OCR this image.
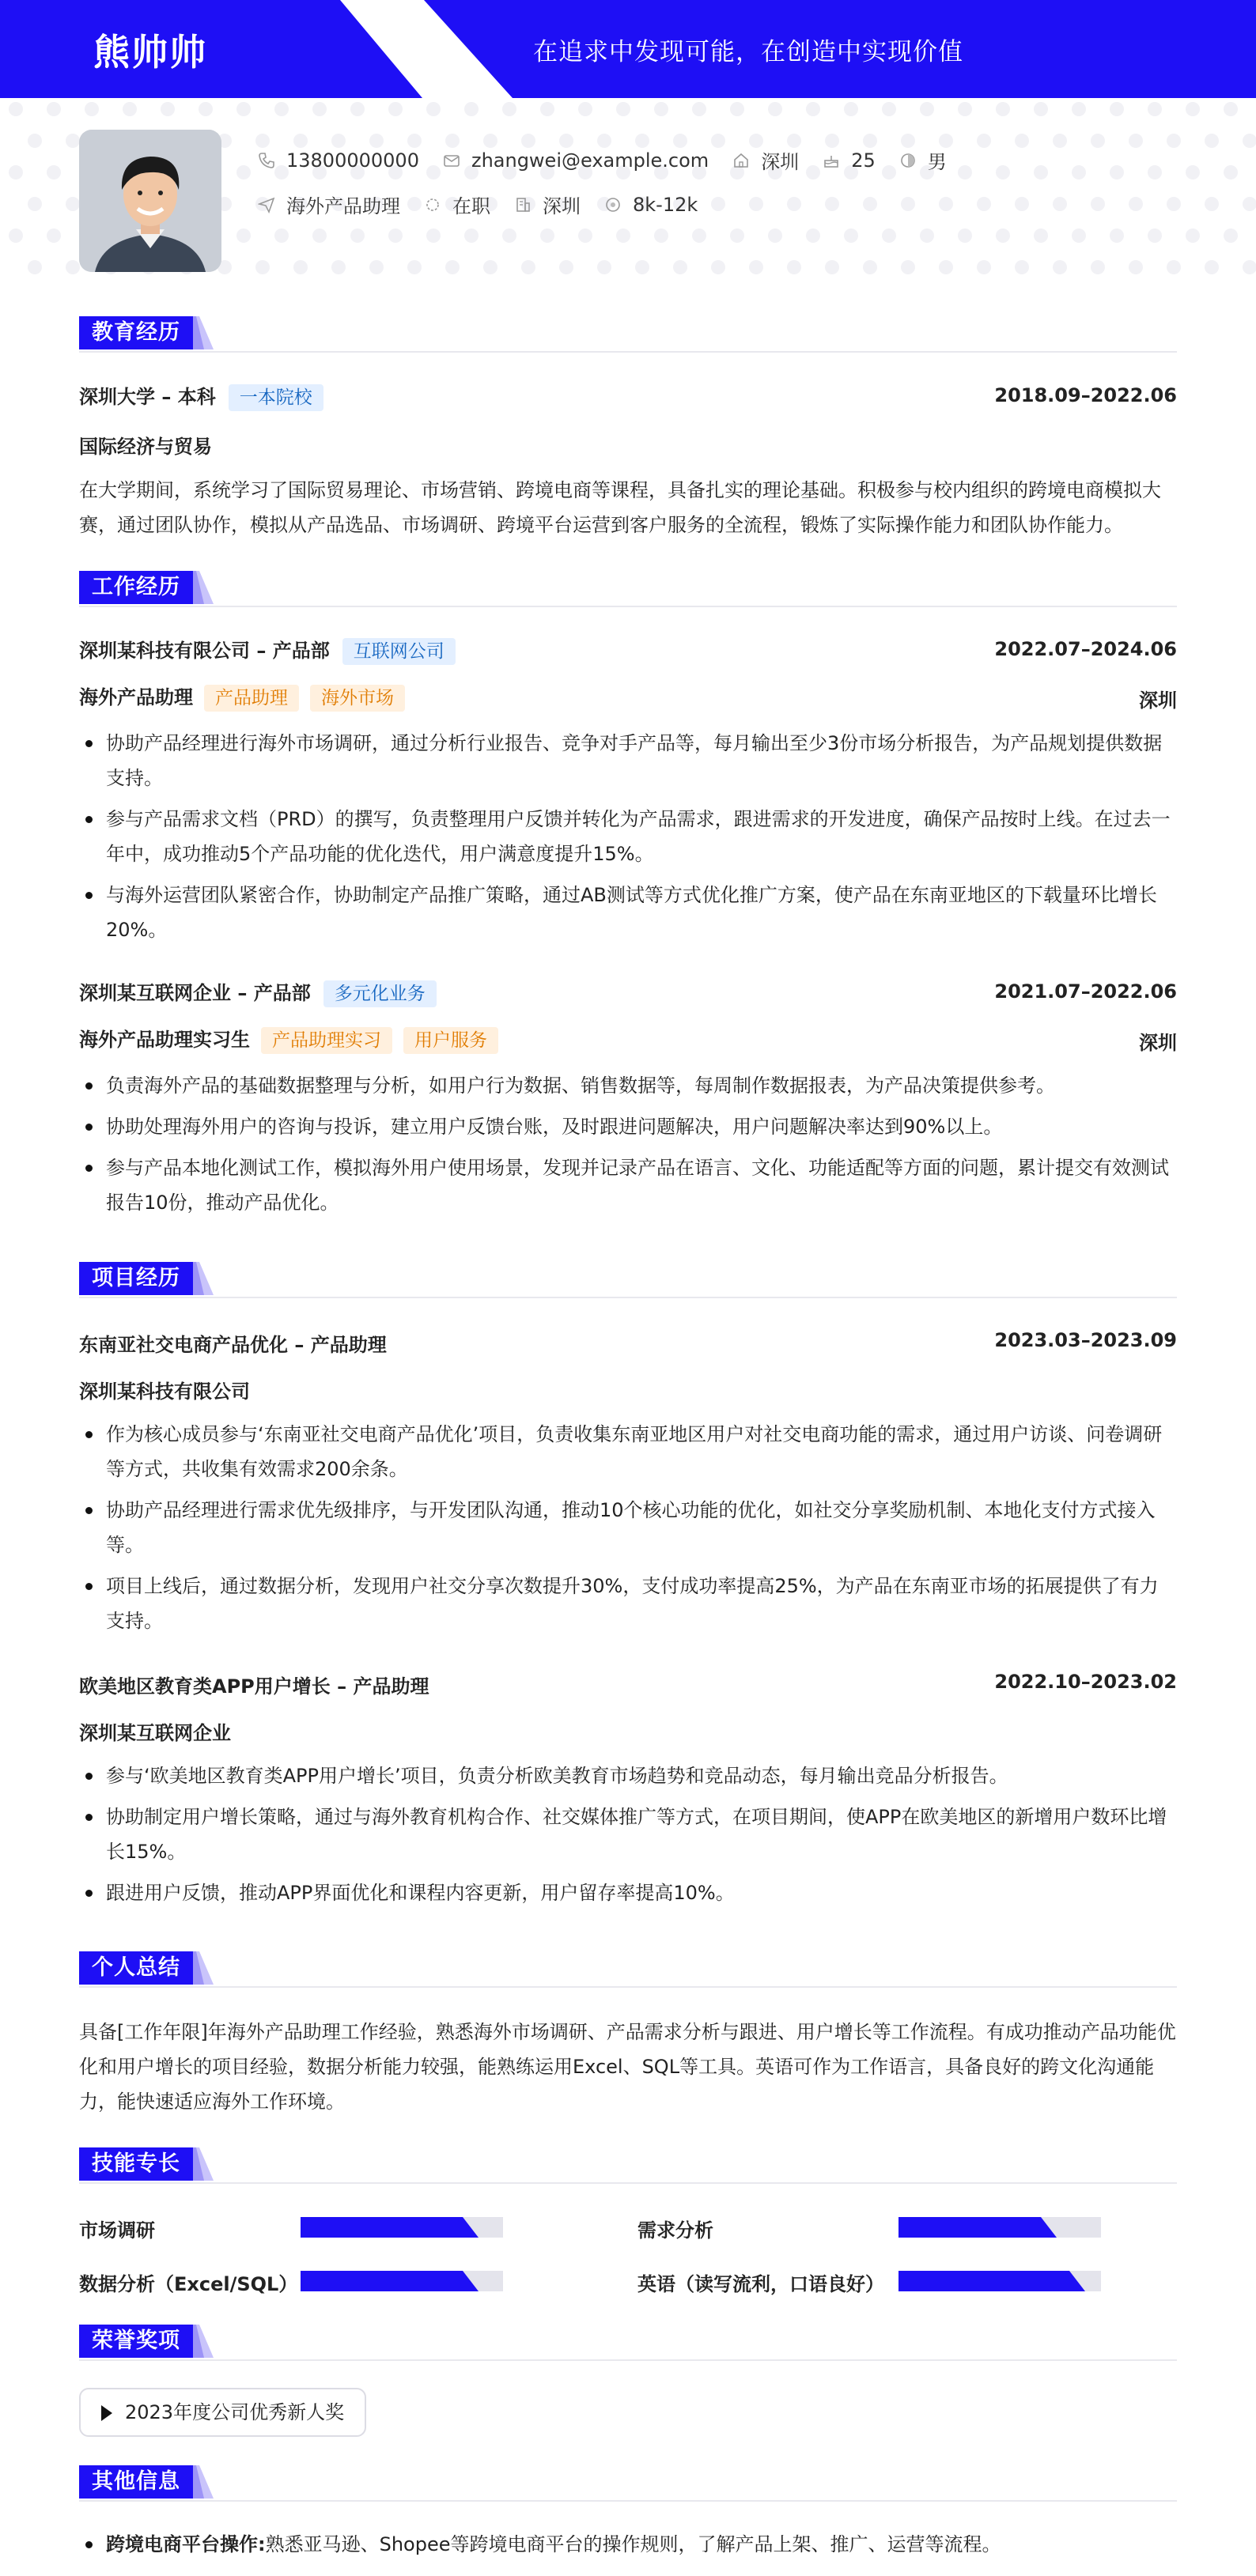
熊帅帅	在追求中发现可能，在创造中实现价值
13800000000	zhangwei@example.com	深圳	25	男
海外产品助理	在职	深圳	8k-12k
教育经历
深圳大学 – 本科 一本院校	2018.09–2022.06
国际经济与贸易
在大学期间，系统学习了国际贸易理论、市场营销、跨境电商等课程，具备扎实的理论基础。积极参与校内组织的跨境电商模拟大赛，通过团队协作，模拟从产品选品、市场调研、跨境平台运营到客户服务的全流程，锻炼了实际操作能力和团队协作能力。
工作经历
深圳某科技有限公司 – 产品部 互联网公司	2022.07–2024.06
海外产品助理 产品助理 海外市场	深圳
协助产品经理进行海外市场调研，通过分析行业报告、竞争对手产品等，每月输出至少3份市场分析报告，为产品规划提供数据支持。
参与产品需求文档（PRD）的撰写，负责整理用户反馈并转化为产品需求，跟进需求的开发进度，确保产品按时上线。在过去一年中，成功推动5个产品功能的优化迭代，用户满意度提升15%。
与海外运营团队紧密合作，协助制定产品推广策略，通过AB测试等方式优化推广方案，使产品在东南亚地区的下载量环比增长20%。
深圳某互联网企业 – 产品部 多元化业务	2021.07–2022.06
海外产品助理实习生 产品助理实习 用户服务	深圳
负责海外产品的基础数据整理与分析，如用户行为数据、销售数据等，每周制作数据报表，为产品决策提供参考。
协助处理海外用户的咨询与投诉，建立用户反馈台账，及时跟进问题解决，用户问题解决率达到90%以上。
参与产品本地化测试工作，模拟海外用户使用场景，发现并记录产品在语言、文化、功能适配等方面的问题，累计提交有效测试报告10份，推动产品优化。
项目经历
东南亚社交电商产品优化 – 产品助理	2023.03–2023.09
深圳某科技有限公司
作为核心成员参与‘东南亚社交电商产品优化’项目，负责收集东南亚地区用户对社交电商功能的需求，通过用户访谈、问卷调研等方式，共收集有效需求200余条。
协助产品经理进行需求优先级排序，与开发团队沟通，推动10个核心功能的优化，如社交分享奖励机制、本地化支付方式接入等。
项目上线后，通过数据分析，发现用户社交分享次数提升30%，支付成功率提高25%，为产品在东南亚市场的拓展提供了有力支持。
欧美地区教育类APP用户增长 – 产品助理	2022.10–2023.02
深圳某互联网企业
参与‘欧美地区教育类APP用户增长’项目，负责分析欧美教育市场趋势和竞品动态，每月输出竞品分析报告。
协助制定用户增长策略，通过与海外教育机构合作、社交媒体推广等方式，在项目期间，使APP在欧美地区的新增用户数环比增长15%。
跟进用户反馈，推动APP界面优化和课程内容更新，用户留存率提高10%。
个人总结
具备[工作年限]年海外产品助理工作经验，熟悉海外市场调研、产品需求分析与跟进、用户增长等工作流程。有成功推动产品功能优化和用户增长的项目经验，数据分析能力较强，能熟练运用Excel、SQL等工具。英语可作为工作语言，具备良好的跨文化沟通能力，能快速适应海外工作环境。
技能专长
市场调研	需求分析
数据分析（Excel/SQL）	英语（读写流利，口语良好）
荣誉奖项
2023年度公司优秀新人奖
其他信息
跨境电商平台操作:熟悉亚马逊、Shopee等跨境电商平台的操作规则，了解产品上架、推广、运营等流程。
